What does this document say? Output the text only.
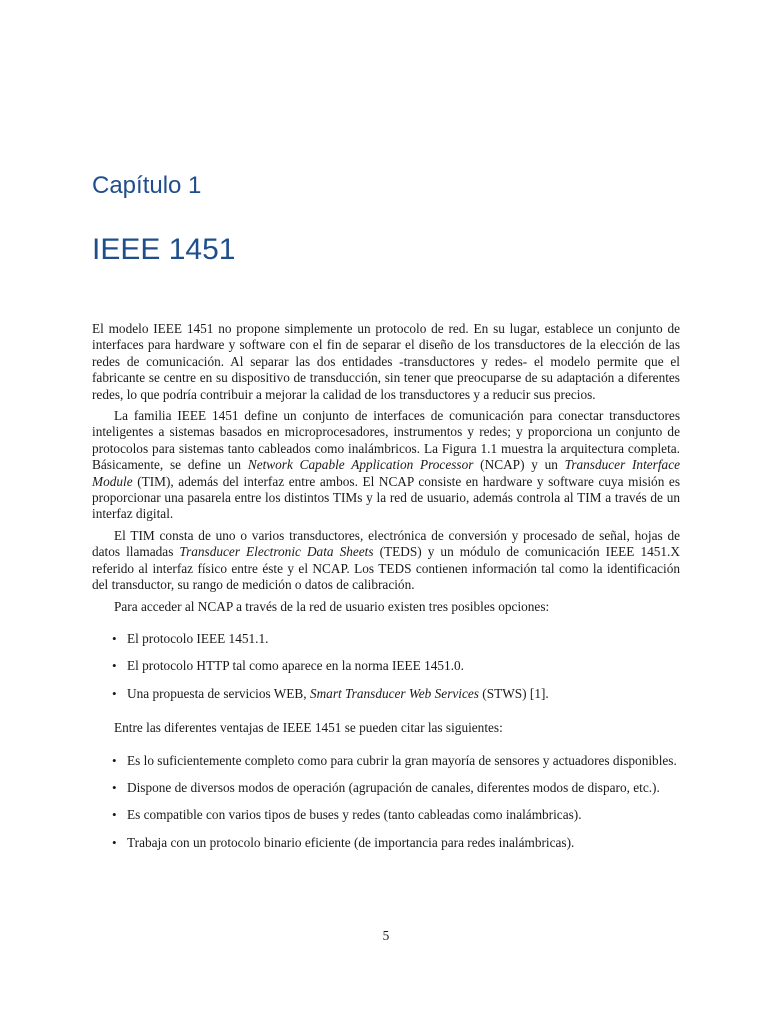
Capítulo 1
IEEE 1451

El modelo IEEE 1451 no propone simplemente un protocolo de red. En su lugar, establece un conjunto de interfaces para hardware y software con el fin de separar el diseño de los transductores de la elección de las redes de comunicación. Al separar las dos entidades -transductores y redes- el modelo permite que el fabricante se centre en su dispositivo de transducción, sin tener que preocuparse de su adaptación a diferentes redes, lo que podría contribuir a mejorar la calidad de los transductores y a reducir sus precios.

La familia IEEE 1451 define un conjunto de interfaces de comunicación para conectar transductores inteligentes a sistemas basados en microprocesadores, instrumentos y redes; y proporciona un conjunto de protocolos para sistemas tanto cableados como inalámbricos. La Figura 1.1 muestra la arquitectura completa. Básicamente, se define un Network Capable Application Processor (NCAP) y un Transducer Interface Module (TIM), además del interfaz entre ambos. El NCAP consiste en hardware y software cuya misión es proporcionar una pasarela entre los distintos TIMs y la red de usuario, además controla al TIM a través de un interfaz digital.

El TIM consta de uno o varios transductores, electrónica de conversión y procesado de señal, hojas de datos llamadas Transducer Electronic Data Sheets (TEDS) y un módulo de comunicación IEEE 1451.X referido al interfaz físico entre éste y el NCAP. Los TEDS contienen información tal como la identificación del transductor, su rango de medición o datos de calibración.

Para acceder al NCAP a través de la red de usuario existen tres posibles opciones:

• El protocolo IEEE 1451.1.
• El protocolo HTTP tal como aparece en la norma IEEE 1451.0.
• Una propuesta de servicios WEB, Smart Transducer Web Services (STWS) [1].

Entre las diferentes ventajas de IEEE 1451 se pueden citar las siguientes:

• Es lo suficientemente completo como para cubrir la gran mayoría de sensores y actuadores disponibles.
• Dispone de diversos modos de operación (agrupación de canales, diferentes modos de disparo, etc.).
• Es compatible con varios tipos de buses y redes (tanto cableadas como inalámbricas).
• Trabaja con un protocolo binario eficiente (de importancia para redes inalámbricas).
5
